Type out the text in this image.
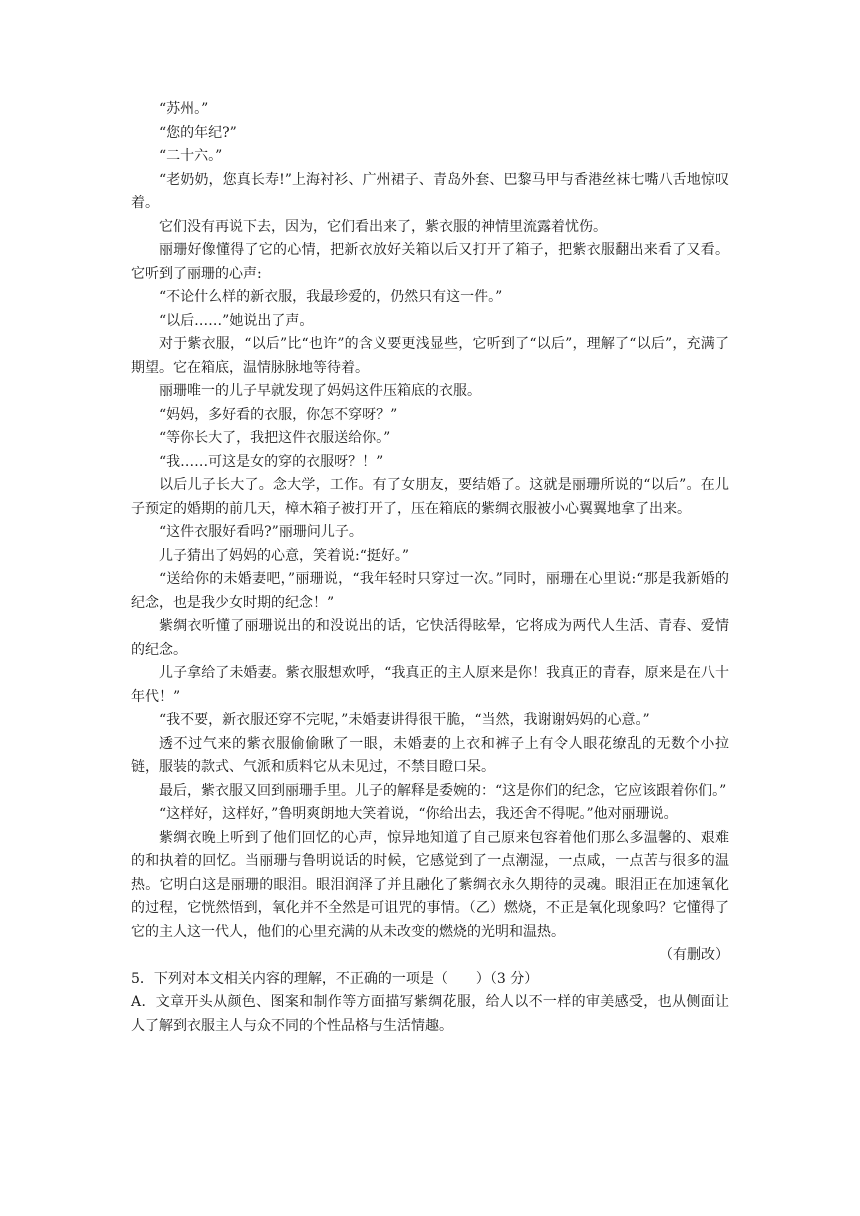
“苏州。”

“您的年纪?”

“二十六。”

“老奶奶，您真长寿!”上海衬衫、广州裙子、青岛外套、巴黎马甲与香港丝袜七嘴八舌地惊叹着。

它们没有再说下去，因为，它们看出来了，紫衣服的神情里流露着忧伤。

丽珊好像懂得了它的心情，把新衣放好关箱以后又打开了箱子，把紫衣服翻出来看了又看。它听到了丽珊的心声:

“不论什么样的新衣服，我最珍爱的，仍然只有这一件。”

“以后……”她说出了声。

对于紫衣服，“以后”比“也许”的含义要更浅显些，它听到了“以后”，理解了“以后”，充满了期望。它在箱底，温情脉脉地等待着。

丽珊唯一的儿子早就发现了妈妈这件压箱底的衣服。

“妈妈，多好看的衣服，你怎不穿呀？”

“等你长大了，我把这件衣服送给你。”

“我……可这是女的穿的衣服呀？！”

以后儿子长大了。念大学，工作。有了女朋友，要结婚了。这就是丽珊所说的“以后”。在儿子预定的婚期的前几天，樟木箱子被打开了，压在箱底的紫绸衣服被小心翼翼地拿了出来。

“这件衣服好看吗?”丽珊问儿子。

儿子猜出了妈妈的心意，笑着说:“挺好。”

“送给你的未婚妻吧，”丽珊说，“我年轻时只穿过一次。”同时，丽珊在心里说:“那是我新婚的纪念，也是我少女时期的纪念！”

紫绸衣听懂了丽珊说出的和没说出的话，它快活得眩晕，它将成为两代人生活、青春、爱情的纪念。

儿子拿给了未婚妻。紫衣服想欢呼，“我真正的主人原来是你！我真正的青春，原来是在八十年代！”

“我不要，新衣服还穿不完呢，”未婚妻讲得很干脆，“当然，我谢谢妈妈的心意。”

透不过气来的紫衣服偷偷瞅了一眼，未婚妻的上衣和裤子上有令人眼花缭乱的无数个小拉链，服装的款式、气派和质料它从未见过，不禁目瞪口呆。

最后，紫衣服又回到丽珊手里。儿子的解释是委婉的：“这是你们的纪念，它应该跟着你们。”

“这样好，这样好，”鲁明爽朗地大笑着说，“你给出去，我还舍不得呢。”他对丽珊说。

紫绸衣晚上听到了他们回忆的心声，惊异地知道了自己原来包容着他们那么多温馨的、艰难的和执着的回忆。当丽珊与鲁明说话的时候，它感觉到了一点潮湿，一点咸，一点苦与很多的温热。它明白这是丽珊的眼泪。眼泪润泽了并且融化了紫绸衣永久期待的灵魂。眼泪正在加速氧化的过程，它恍然悟到，氧化并不全然是可诅咒的事情。（乙）燃烧，不正是氧化现象吗？它懂得了它的主人这一代人，他们的心里充满的从未改变的燃烧的光明和温热。

（有删改）

5．下列对本文相关内容的理解，不正确的一项是（　　）（3 分）

A．文章开头从颜色、图案和制作等方面描写紫绸花服，给人以不一样的审美感受，也从侧面让人了解到衣服主人与众不同的个性品格与生活情趣。
